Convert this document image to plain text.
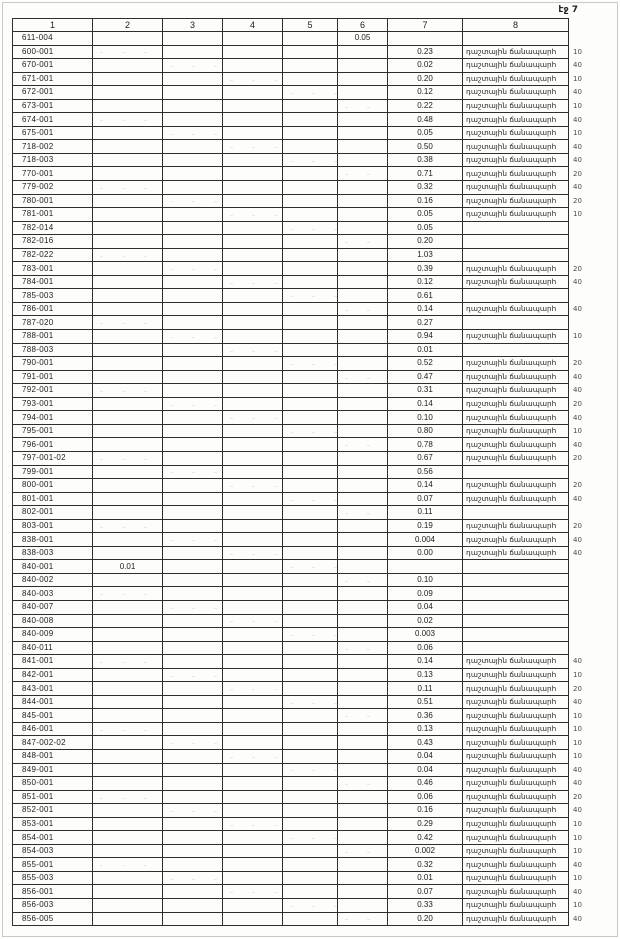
էջ 7
1	2	3	4	5	6	7	8	
611-004					0.05			
600-001						0.23	դաշտային ճանապարհ	10
670-001						0.02	դաշտային ճանապարհ	40
671-001						0.20	դաշտային ճանապարհ	10
672-001						0.12	դաշտային ճանապարհ	40
673-001						0.22	դաշտային ճանապարհ	10
674-001						0.48	դաշտային ճանապարհ	40
675-001						0.05	դաշտային ճանապարհ	10
718-002						0.50	դաշտային ճանապարհ	40
718-003						0.38	դաշտային ճանապարհ	40
770-001						0.71	դաշտային ճանապարհ	20
779-002						0.32	դաշտային ճանապարհ	40
780-001						0.16	դաշտային ճանապարհ	20
781-001						0.05	դաշտային ճանապարհ	10
782-014						0.05		
782-016						0.20		
782-022						1.03		
783-001						0.39	դաշտային ճանապարհ	20
784-001						0.12	դաշտային ճանապարհ	40
785-003						0.61		
786-001						0.14	դաշտային ճանապարհ	40
787-020						0.27		
788-001						0.94	դաշտային ճանապարհ	10
788-003						0.01		
790-001						0.52	դաշտային ճանապարհ	20
791-001						0.47	դաշտային ճանապարհ	40
792-001						0.31	դաշտային ճանապարհ	40
793-001						0.14	դաշտային ճանապարհ	20
794-001						0.10	դաշտային ճանապարհ	40
795-001						0.80	դաշտային ճանապարհ	10
796-001						0.78	դաշտային ճանապարհ	40
797-001-02						0.67	դաշտային ճանապարհ	20
799-001						0.56		
800-001						0.14	դաշտային ճանապարհ	20
801-001						0.07	դաշտային ճանապարհ	40
802-001						0.11		
803-001						0.19	դաշտային ճանապարհ	20
838-001						0.004	դաշտային ճանապարհ	40
838-003						0.00	դաշտային ճանապարհ	40
840-001	0.01							
840-002						0.10		
840-003						0.09		
840-007						0.04		
840-008						0.02		
840-009						0.003		
840-011						0.06		
841-001						0.14	դաշտային ճանապարհ	40
842-001						0.13	դաշտային ճանապարհ	10
843-001						0.11	դաշտային ճանապարհ	20
844-001						0.51	դաշտային ճանապարհ	40
845-001						0.36	դաշտային ճանապարհ	10
846-001						0.13	դաշտային ճանապարհ	10
847-002-02						0.43	դաշտային ճանապարհ	10
848-001						0.04	դաշտային ճանապարհ	10
849-001						0.04	դաշտային ճանապարհ	40
850-001						0.46	դաշտային ճանապարհ	40
851-001						0.06	դաշտային ճանապարհ	20
852-001						0.16	դաշտային ճանապարհ	40
853-001						0.29	դաշտային ճանապարհ	10
854-001						0.42	դաշտային ճանապարհ	10
854-003						0.002	դաշտային ճանապարհ	10
855-001						0.32	դաշտային ճանապարհ	40
855-003						0.01	դաշտային ճանապարհ	10
856-001						0.07	դաշտային ճանապարհ	40
856-003						0.33	դաշտային ճանապարհ	10
856-005						0.20	դաշտային ճանապարհ	40
